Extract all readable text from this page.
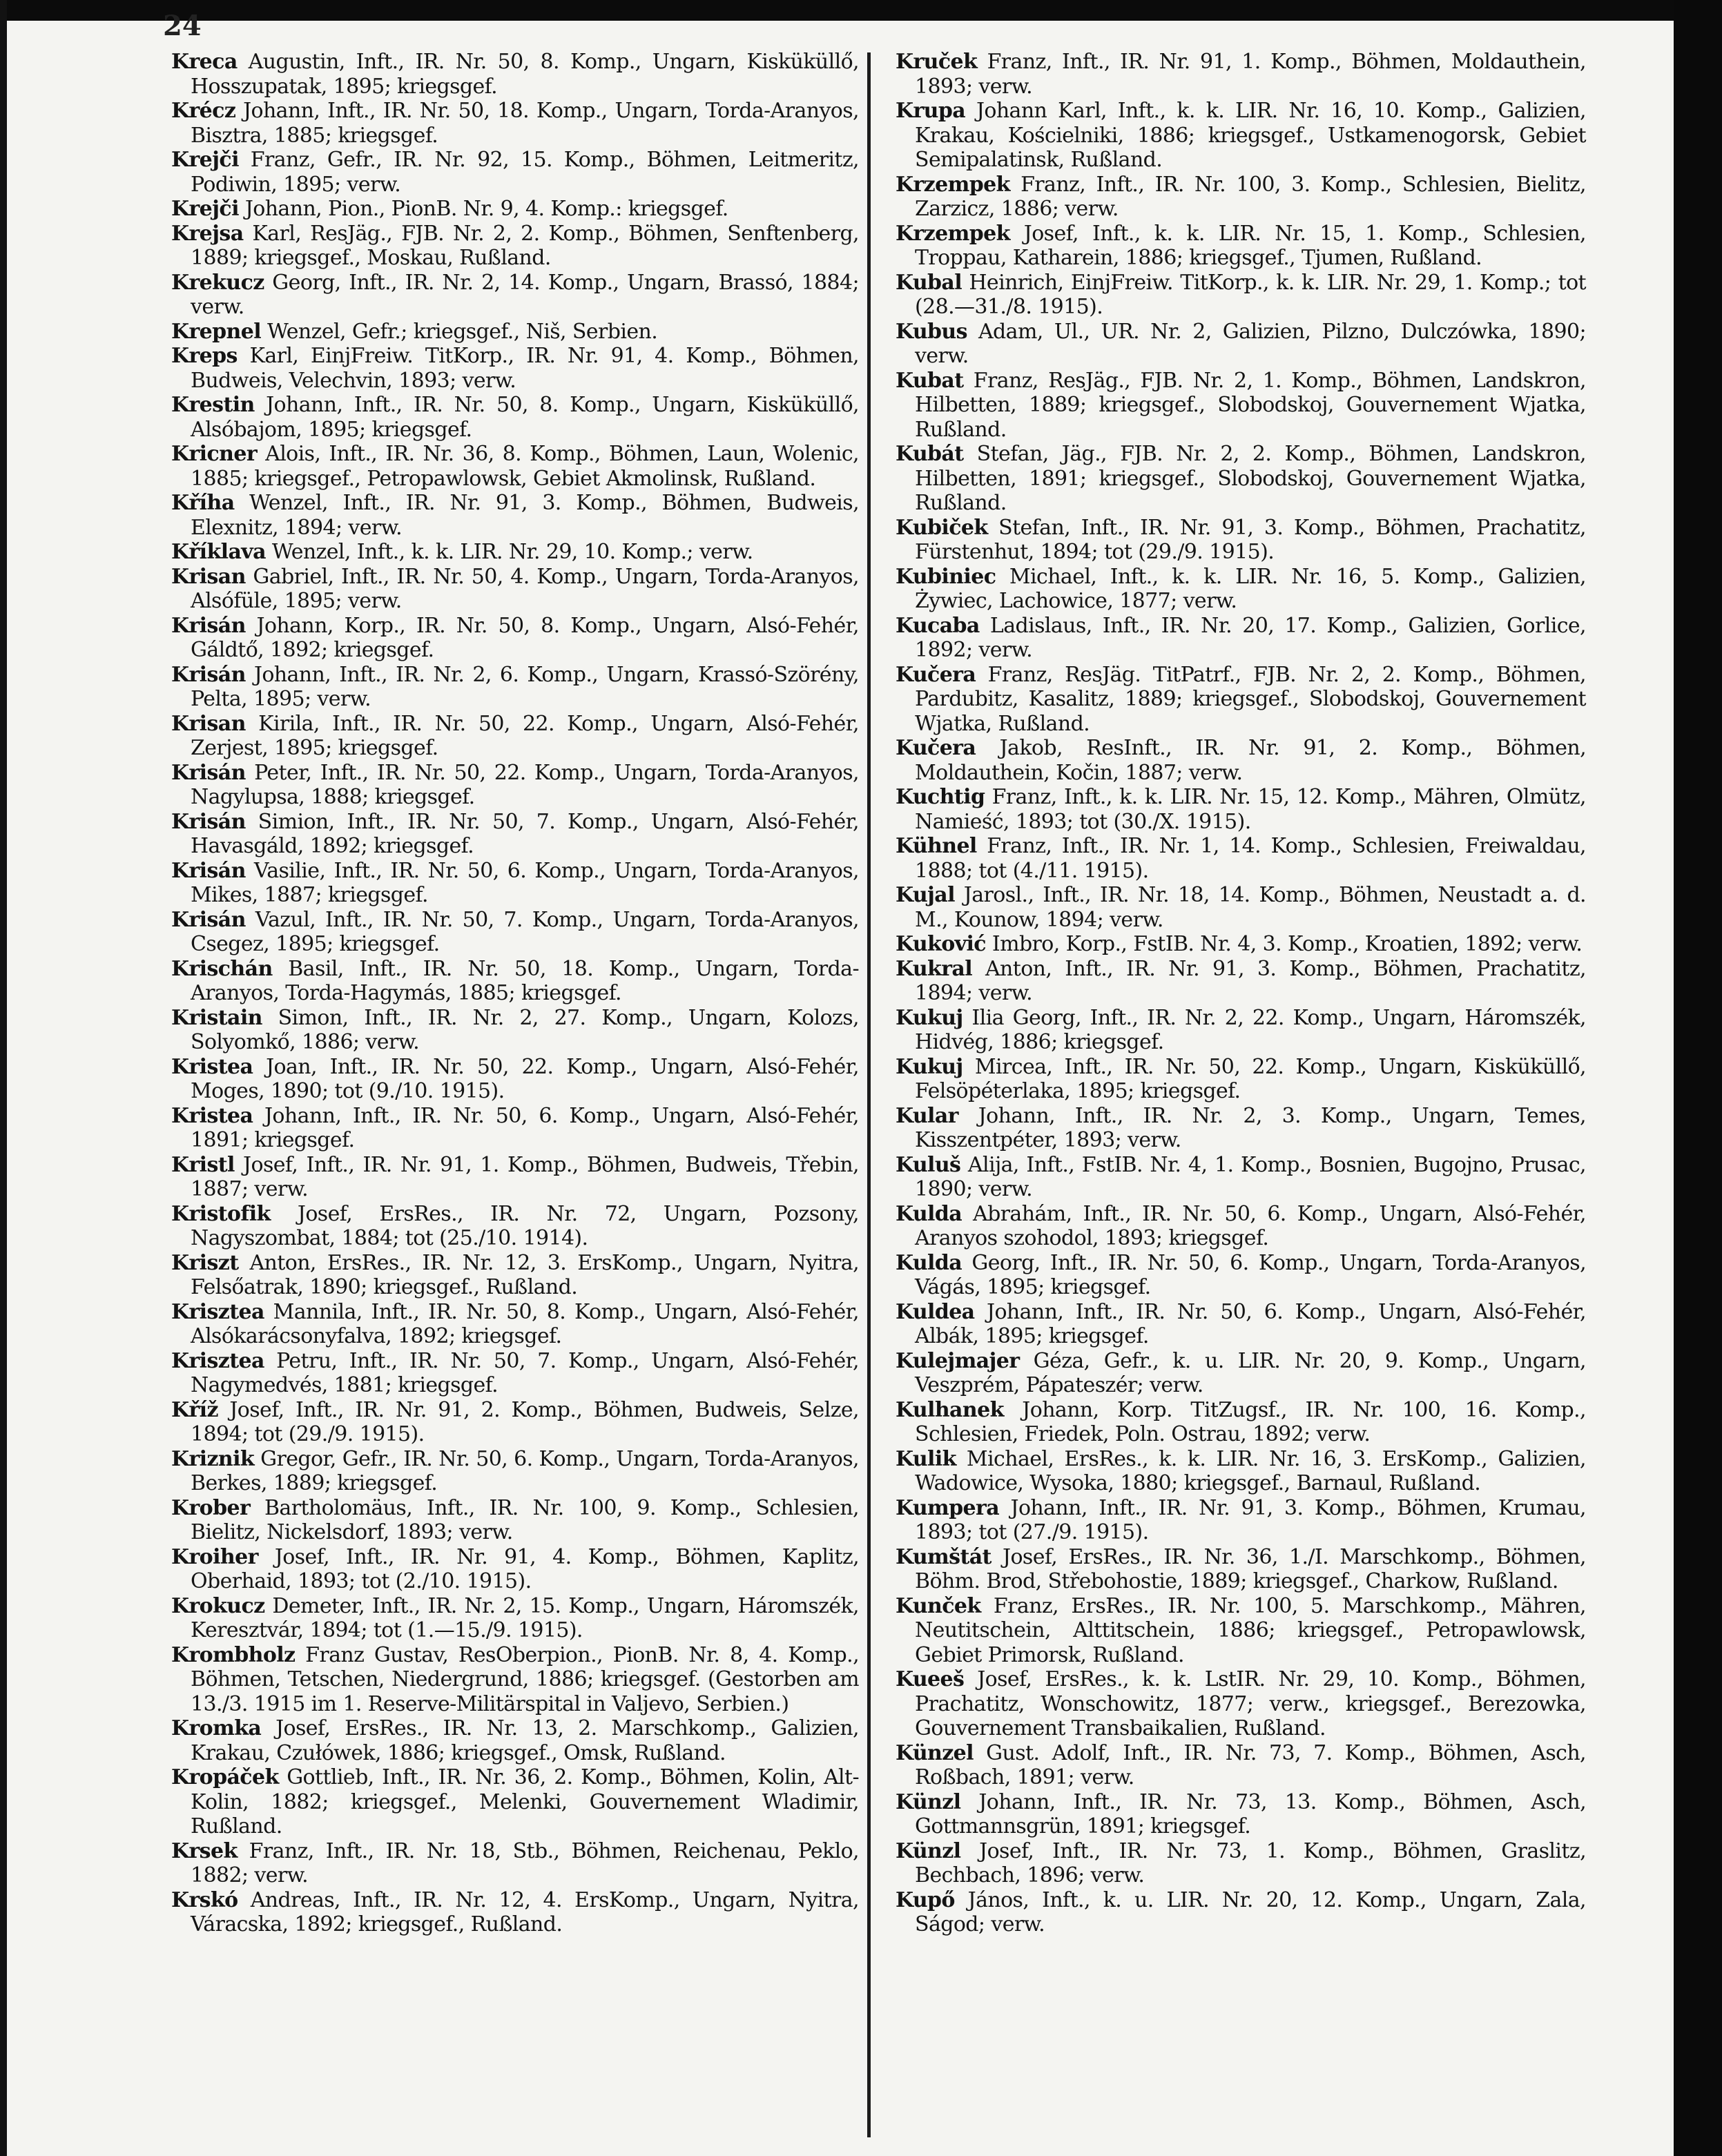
24

Kreca Augustin, Inft., IR. Nr. 50, 8. Komp., Ungarn, Kisküküllő, Hosszupatak, 1895; kriegsgef.

Krécz Johann, Inft., IR. Nr. 50, 18. Komp., Ungarn, Torda-Aranyos, Bisztra, 1885; kriegsgef.

Krejči Franz, Gefr., IR. Nr. 92, 15. Komp., Böhmen, Leitmeritz, Podiwin, 1895; verw.

Krejči Johann, Pion., PionB. Nr. 9, 4. Komp.: kriegsgef.

Krejsa Karl, ResJäg., FJB. Nr. 2, 2. Komp., Böhmen, Senftenberg, 1889; kriegsgef., Moskau, Rußland.

Krekucz Georg, Inft., IR. Nr. 2, 14. Komp., Ungarn, Brassó, 1884; verw.

Krepnel Wenzel, Gefr.; kriegsgef., Niš, Serbien.

Kreps Karl, EinjFreiw. TitKorp., IR. Nr. 91, 4. Komp., Böhmen, Budweis, Velechvin, 1893; verw.

Krestin Johann, Inft., IR. Nr. 50, 8. Komp., Ungarn, Kisküküllő, Alsóbajom, 1895; kriegsgef.

Kricner Alois, Inft., IR. Nr. 36, 8. Komp., Böhmen, Laun, Wolenic, 1885; kriegsgef., Petropawlowsk, Gebiet Akmolinsk, Rußland.

Kříha Wenzel, Inft., IR. Nr. 91, 3. Komp., Böhmen, Budweis, Elexnitz, 1894; verw.

Kříklava Wenzel, Inft., k. k. LIR. Nr. 29, 10. Komp.; verw.

Krisan Gabriel, Inft., IR. Nr. 50, 4. Komp., Ungarn, Torda-Aranyos, Alsófüle, 1895; verw.

Krisán Johann, Korp., IR. Nr. 50, 8. Komp., Ungarn, Alsó-Fehér, Gáldtő, 1892; kriegsgef.

Krisán Johann, Inft., IR. Nr. 2, 6. Komp., Ungarn, Krassó-Szörény, Pelta, 1895; verw.

Krisan Kirila, Inft., IR. Nr. 50, 22. Komp., Ungarn, Alsó-Fehér, Zerjest, 1895; kriegsgef.

Krisán Peter, Inft., IR. Nr. 50, 22. Komp., Ungarn, Torda-Aranyos, Nagylupsa, 1888; kriegsgef.

Krisán Simion, Inft., IR. Nr. 50, 7. Komp., Ungarn, Alsó-Fehér, Havasgáld, 1892; kriegsgef.

Krisán Vasilie, Inft., IR. Nr. 50, 6. Komp., Ungarn, Torda-Aranyos, Mikes, 1887; kriegsgef.

Krisán Vazul, Inft., IR. Nr. 50, 7. Komp., Ungarn, Torda-Aranyos, Csegez, 1895; kriegsgef.

Krischán Basil, Inft., IR. Nr. 50, 18. Komp., Ungarn, Torda-Aranyos, Torda-Hagymás, 1885; kriegsgef.

Kristain Simon, Inft., IR. Nr. 2, 27. Komp., Ungarn, Kolozs, Solyomkő, 1886; verw.

Kristea Joan, Inft., IR. Nr. 50, 22. Komp., Ungarn, Alsó-Fehér, Moges, 1890; tot (9./10. 1915).

Kristea Johann, Inft., IR. Nr. 50, 6. Komp., Ungarn, Alsó-Fehér, 1891; kriegsgef.

Kristl Josef, Inft., IR. Nr. 91, 1. Komp., Böhmen, Budweis, Třebin, 1887; verw.

Kristofik Josef, ErsRes., IR. Nr. 72, Ungarn, Pozsony, Nagyszombat, 1884; tot (25./10. 1914).

Kriszt Anton, ErsRes., IR. Nr. 12, 3. ErsKomp., Ungarn, Nyitra, Felsőatrak, 1890; kriegsgef., Rußland.

Krisztea Mannila, Inft., IR. Nr. 50, 8. Komp., Ungarn, Alsó-Fehér, Alsókarácsonyfalva, 1892; kriegsgef.

Krisztea Petru, Inft., IR. Nr. 50, 7. Komp., Ungarn, Alsó-Fehér, Nagymedvés, 1881; kriegsgef.

Kříž Josef, Inft., IR. Nr. 91, 2. Komp., Böhmen, Budweis, Selze, 1894; tot (29./9. 1915).

Kriznik Gregor, Gefr., IR. Nr. 50, 6. Komp., Ungarn, Torda-Aranyos, Berkes, 1889; kriegsgef.

Krober Bartholomäus, Inft., IR. Nr. 100, 9. Komp., Schlesien, Bielitz, Nickelsdorf, 1893; verw.

Kroiher Josef, Inft., IR. Nr. 91, 4. Komp., Böhmen, Kaplitz, Oberhaid, 1893; tot (2./10. 1915).

Krokucz Demeter, Inft., IR. Nr. 2, 15. Komp., Ungarn, Háromszék, Keresztvár, 1894; tot (1.—15./9. 1915).

Krombholz Franz Gustav, ResOberpion., PionB. Nr. 8, 4. Komp., Böhmen, Tetschen, Niedergrund, 1886; kriegsgef. (Gestorben am 13./3. 1915 im 1. Reserve-Militärspital in Valjevo, Serbien.)

Kromka Josef, ErsRes., IR. Nr. 13, 2. Marschkomp., Galizien, Krakau, Czułówek, 1886; kriegsgef., Omsk, Rußland.

Kropáček Gottlieb, Inft., IR. Nr. 36, 2. Komp., Böhmen, Kolin, Alt-Kolin, 1882; kriegsgef., Melenki, Gouvernement Wladimir, Rußland.

Krsek Franz, Inft., IR. Nr. 18, Stb., Böhmen, Reichenau, Peklo, 1882; verw.

Krskó Andreas, Inft., IR. Nr. 12, 4. ErsKomp., Ungarn, Nyitra, Váracska, 1892; kriegsgef., Rußland.

Kruček Franz, Inft., IR. Nr. 91, 1. Komp., Böhmen, Moldauthein, 1893; verw.

Krupa Johann Karl, Inft., k. k. LIR. Nr. 16, 10. Komp., Galizien, Krakau, Kościelniki, 1886; kriegsgef., Ustkamenogorsk, Gebiet Semipalatinsk, Rußland.

Krzempek Franz, Inft., IR. Nr. 100, 3. Komp., Schlesien, Bielitz, Zarzicz, 1886; verw.

Krzempek Josef, Inft., k. k. LIR. Nr. 15, 1. Komp., Schlesien, Troppau, Katharein, 1886; kriegsgef., Tjumen, Rußland.

Kubal Heinrich, EinjFreiw. TitKorp., k. k. LIR. Nr. 29, 1. Komp.; tot (28.—31./8. 1915).

Kubus Adam, Ul., UR. Nr. 2, Galizien, Pilzno, Dulczówka, 1890; verw.

Kubat Franz, ResJäg., FJB. Nr. 2, 1. Komp., Böhmen, Landskron, Hilbetten, 1889; kriegsgef., Slobodskoj, Gouvernement Wjatka, Rußland.

Kubát Stefan, Jäg., FJB. Nr. 2, 2. Komp., Böhmen, Landskron, Hilbetten, 1891; kriegsgef., Slobodskoj, Gouvernement Wjatka, Rußland.

Kubiček Stefan, Inft., IR. Nr. 91, 3. Komp., Böhmen, Prachatitz, Fürstenhut, 1894; tot (29./9. 1915).

Kubiniec Michael, Inft., k. k. LIR. Nr. 16, 5. Komp., Galizien, Żywiec, Lachowice, 1877; verw.

Kucaba Ladislaus, Inft., IR. Nr. 20, 17. Komp., Galizien, Gorlice, 1892; verw.

Kučera Franz, ResJäg. TitPatrf., FJB. Nr. 2, 2. Komp., Böhmen, Pardubitz, Kasalitz, 1889; kriegsgef., Slobodskoj, Gouvernement Wjatka, Rußland.

Kučera Jakob, ResInft., IR. Nr. 91, 2. Komp., Böhmen, Moldauthein, Kočin, 1887; verw.

Kuchtig Franz, Inft., k. k. LIR. Nr. 15, 12. Komp., Mähren, Olmütz, Namieść, 1893; tot (30./X. 1915).

Kühnel Franz, Inft., IR. Nr. 1, 14. Komp., Schlesien, Freiwaldau, 1888; tot (4./11. 1915).

Kujal Jarosl., Inft., IR. Nr. 18, 14. Komp., Böhmen, Neustadt a. d. M., Kounow, 1894; verw.

Kuković Imbro, Korp., FstIB. Nr. 4, 3. Komp., Kroatien, 1892; verw.

Kukral Anton, Inft., IR. Nr. 91, 3. Komp., Böhmen, Prachatitz, 1894; verw.

Kukuj Ilia Georg, Inft., IR. Nr. 2, 22. Komp., Ungarn, Háromszék, Hidvég, 1886; kriegsgef.

Kukuj Mircea, Inft., IR. Nr. 50, 22. Komp., Ungarn, Kisküküllő, Felsöpéterlaka, 1895; kriegsgef.

Kular Johann, Inft., IR. Nr. 2, 3. Komp., Ungarn, Temes, Kisszentpéter, 1893; verw.

Kuluš Alija, Inft., FstIB. Nr. 4, 1. Komp., Bosnien, Bugojno, Prusac, 1890; verw.

Kulda Abrahám, Inft., IR. Nr. 50, 6. Komp., Ungarn, Alsó-Fehér, Aranyos szohodol, 1893; kriegsgef.

Kulda Georg, Inft., IR. Nr. 50, 6. Komp., Ungarn, Torda-Aranyos, Vágás, 1895; kriegsgef.

Kuldea Johann, Inft., IR. Nr. 50, 6. Komp., Ungarn, Alsó-Fehér, Albák, 1895; kriegsgef.

Kulejmajer Géza, Gefr., k. u. LIR. Nr. 20, 9. Komp., Ungarn, Veszprém, Pápateszér; verw.

Kulhanek Johann, Korp. TitZugsf., IR. Nr. 100, 16. Komp., Schlesien, Friedek, Poln. Ostrau, 1892; verw.

Kulik Michael, ErsRes., k. k. LIR. Nr. 16, 3. ErsKomp., Galizien, Wadowice, Wysoka, 1880; kriegsgef., Barnaul, Rußland.

Kumpera Johann, Inft., IR. Nr. 91, 3. Komp., Böhmen, Krumau, 1893; tot (27./9. 1915).

Kumštát Josef, ErsRes., IR. Nr. 36, 1./I. Marschkomp., Böhmen, Böhm. Brod, Střebohostie, 1889; kriegsgef., Charkow, Rußland.

Kunček Franz, ErsRes., IR. Nr. 100, 5. Marschkomp., Mähren, Neutitschein, Alttitschein, 1886; kriegsgef., Petropawlowsk, Gebiet Primorsk, Rußland.

Kueeš Josef, ErsRes., k. k. LstIR. Nr. 29, 10. Komp., Böhmen, Prachatitz, Wonschowitz, 1877; verw., kriegsgef., Berezowka, Gouvernement Transbaikalien, Rußland.

Künzel Gust. Adolf, Inft., IR. Nr. 73, 7. Komp., Böhmen, Asch, Roßbach, 1891; verw.

Künzl Johann, Inft., IR. Nr. 73, 13. Komp., Böhmen, Asch, Gottmannsgrün, 1891; kriegsgef.

Künzl Josef, Inft., IR. Nr. 73, 1. Komp., Böhmen, Graslitz, Bechbach, 1896; verw.

Kupő János, Inft., k. u. LIR. Nr. 20, 12. Komp., Ungarn, Zala, Ságod; verw.
